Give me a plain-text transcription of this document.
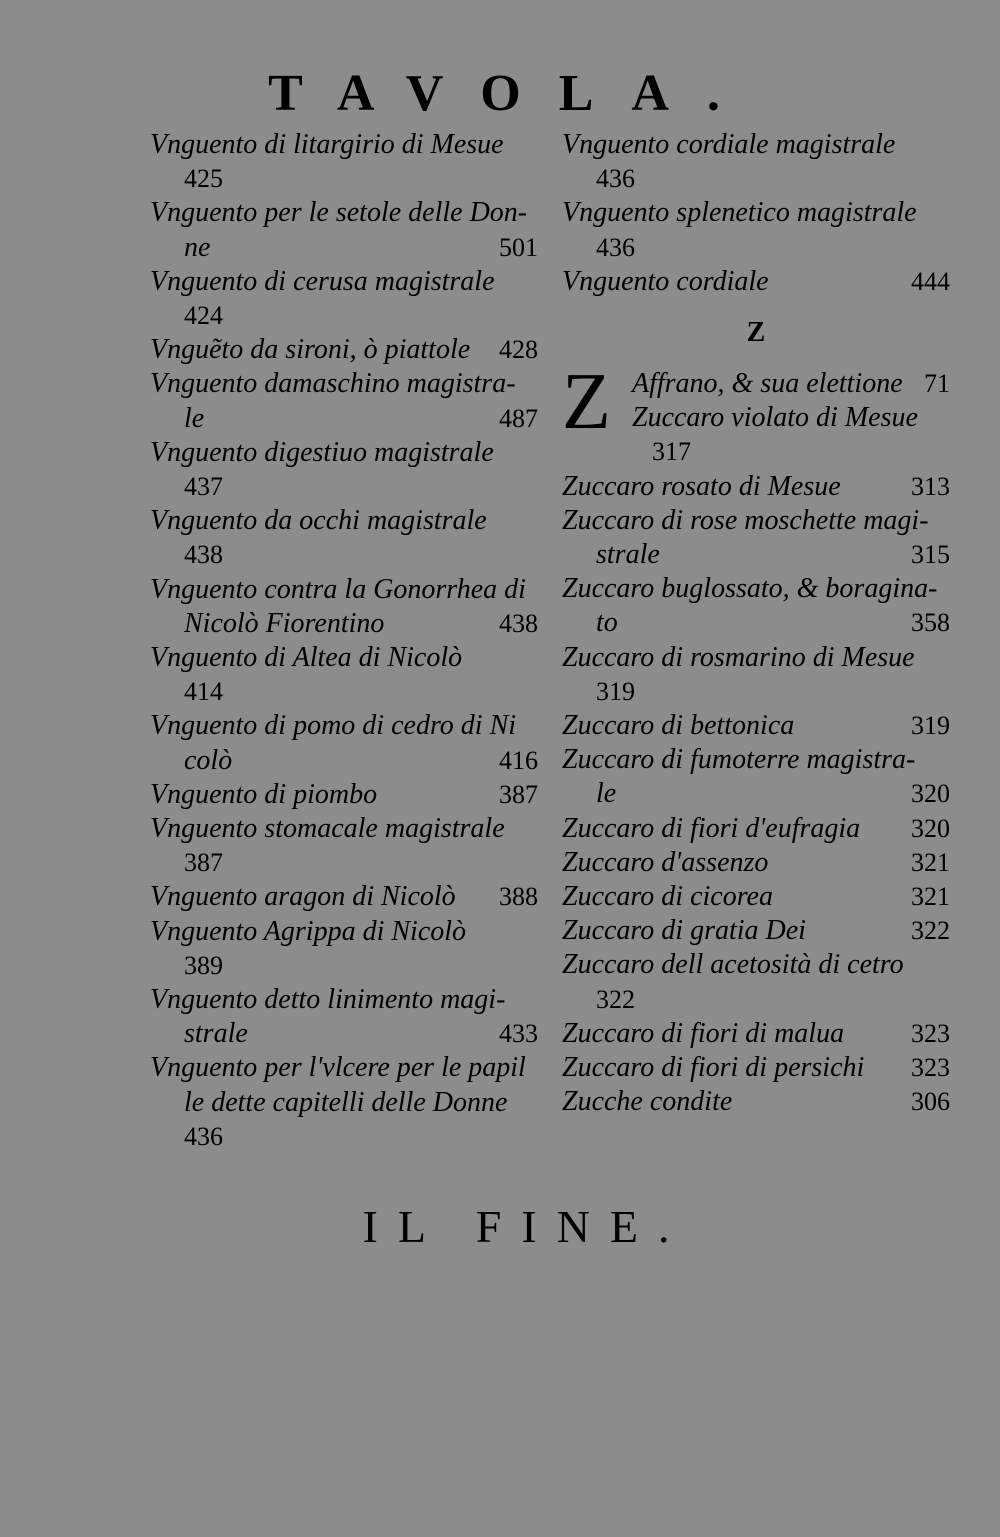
TAVOLA.
Vnguento di litargirio di Mesue
425
Vnguento per le setole delle Don-
ne	501
Vnguento di cerusa magistrale
424
Vnguẽto da sironi, ò piattole 428
Vnguento damaschino magistra-
le	487
Vnguento digestiuo magistrale
437
Vnguento da occhi magistrale
438
Vnguento contra la Gonorrhea di
Nicolò Fiorentino	438
Vnguento di Altea di Nicolò
414
Vnguento di pomo di cedro di Ni
colò	416
Vnguento di piombo	387
Vnguento stomacale magistrale
387
Vnguento aragon di Nicolò 388
Vnguento Agrippa di Nicolò
389
Vnguento detto linimento magi-
strale	433
Vnguento per l'vlcere per le papil
le dette capitelli delle Donne
436
Vnguento cordiale magistrale
436
Vnguento splenetico magistrale
436
Vnguento cordiale	444
Z
Z Affrano, & sua elettione 71
Zuccaro violato di Mesue
317
Zuccaro rosato di Mesue	313
Zuccaro di rose moschette magi-
strale	315
Zuccaro buglossato, & boragina-
to	358
Zuccaro di rosmarino di Mesue
319
Zuccaro di bettonica	319
Zuccaro di fumoterre magistra-
le	320
Zuccaro di fiori d'eufragia 320
Zuccaro d'assenzo	321
Zuccaro di cicorea	321
Zuccaro di gratia Dei	322
Zuccaro dell acetosità di cetro
322
Zuccaro di fiori di malua	323
Zuccaro di fiori di persichi 323
Zucche condite	306
IL FINE.
